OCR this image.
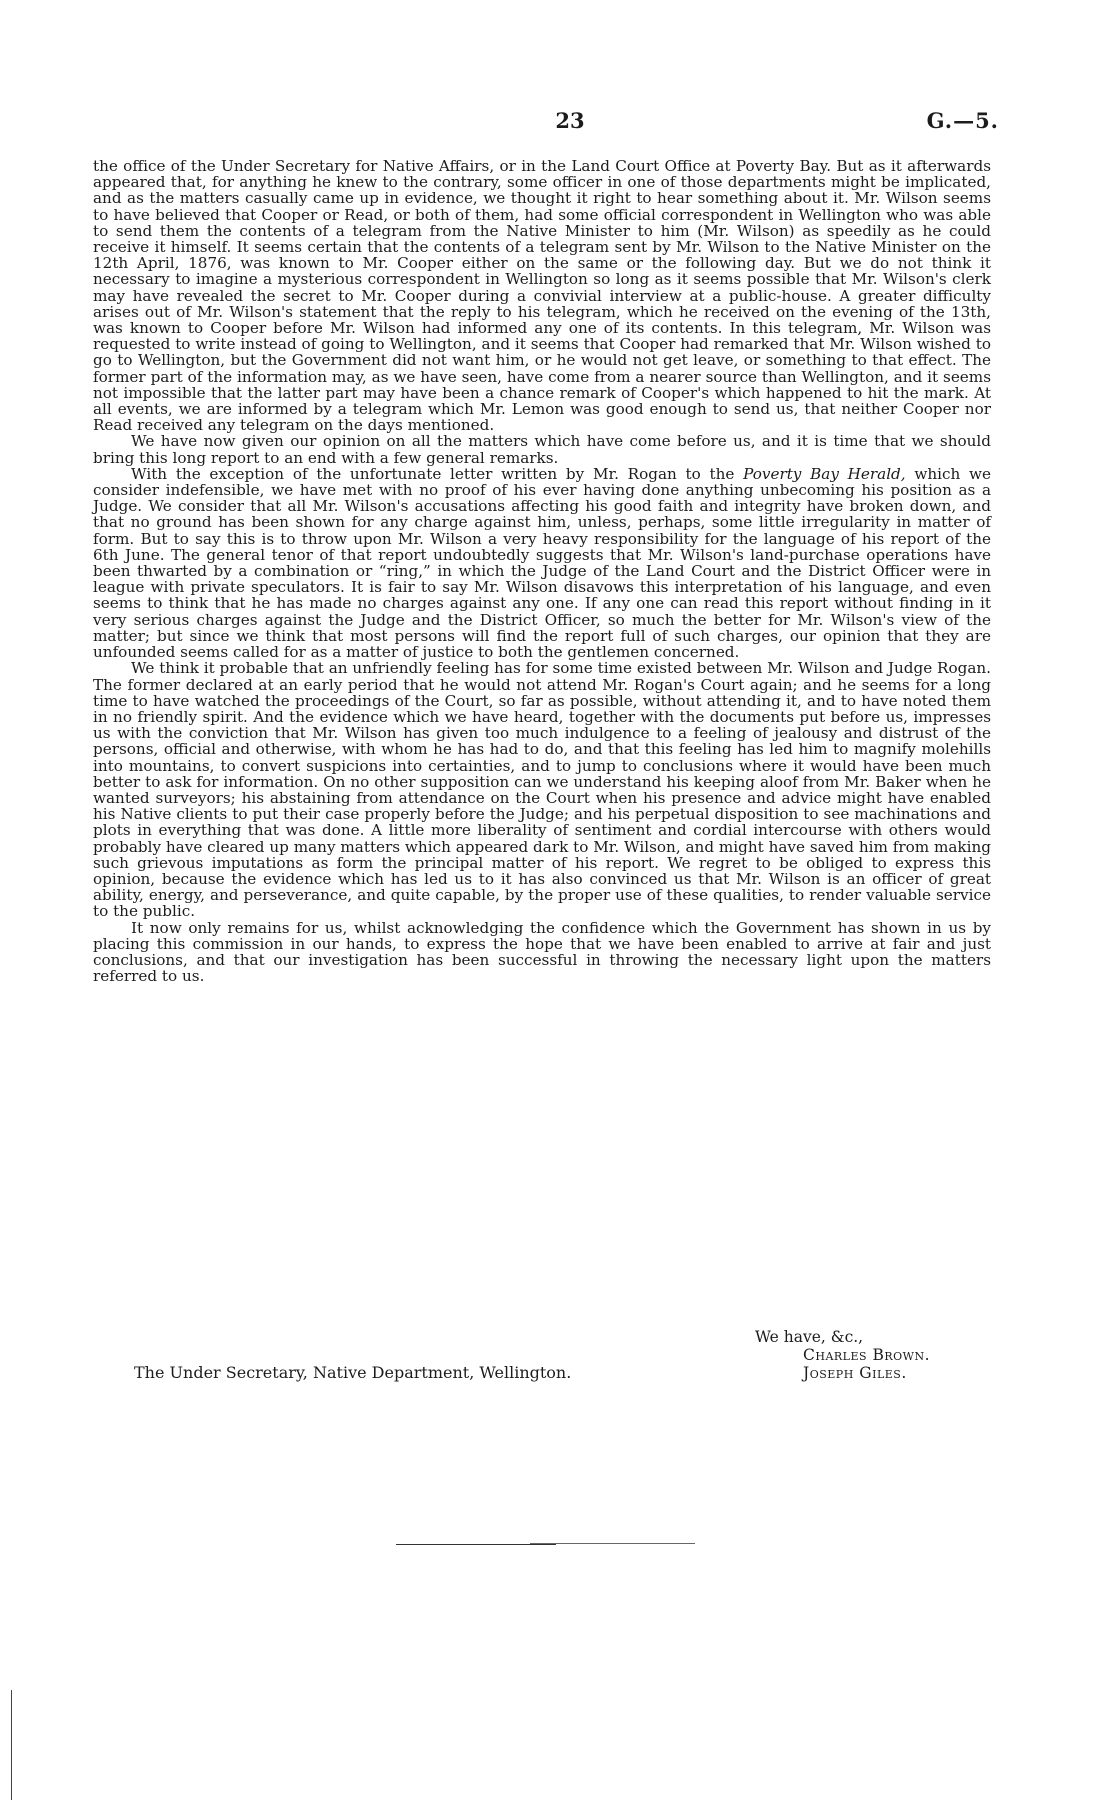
23	G.—5.

the office of the Under Secretary for Native Affairs, or in the Land Court Office at Poverty Bay. But as it afterwards appeared that, for anything he knew to the contrary, some officer in one of those departments might be implicated, and as the matters casually came up in evidence, we thought it right to hear something about it. Mr. Wilson seems to have believed that Cooper or Read, or both of them, had some official correspondent in Wellington who was able to send them the contents of a telegram from the Native Minister to him (Mr. Wilson) as speedily as he could receive it himself. It seems certain that the contents of a telegram sent by Mr. Wilson to the Native Minister on the 12th April, 1876, was known to Mr. Cooper either on the same or the following day. But we do not think it necessary to imagine a mysterious correspondent in Wellington so long as it seems possible that Mr. Wilson's clerk may have revealed the secret to Mr. Cooper during a convivial interview at a public-house. A greater difficulty arises out of Mr. Wilson's statement that the reply to his telegram, which he received on the evening of the 13th, was known to Cooper before Mr. Wilson had informed any one of its contents. In this telegram, Mr. Wilson was requested to write instead of going to Wellington, and it seems that Cooper had remarked that Mr. Wilson wished to go to Wellington, but the Government did not want him, or he would not get leave, or something to that effect. The former part of the information may, as we have seen, have come from a nearer source than Wellington, and it seems not impossible that the latter part may have been a chance remark of Cooper's which happened to hit the mark. At all events, we are informed by a telegram which Mr. Lemon was good enough to send us, that neither Cooper nor Read received any telegram on the days mentioned.

We have now given our opinion on all the matters which have come before us, and it is time that we should bring this long report to an end with a few general remarks.

With the exception of the unfortunate letter written by Mr. Rogan to the Poverty Bay Herald, which we consider indefensible, we have met with no proof of his ever having done anything unbecoming his position as a Judge. We consider that all Mr. Wilson's accusations affecting his good faith and integrity have broken down, and that no ground has been shown for any charge against him, unless, perhaps, some little irregularity in matter of form. But to say this is to throw upon Mr. Wilson a very heavy responsibility for the language of his report of the 6th June. The general tenor of that report undoubtedly suggests that Mr. Wilson's land-purchase operations have been thwarted by a combination or “ring,” in which the Judge of the Land Court and the District Officer were in league with private speculators. It is fair to say Mr. Wilson disavows this interpretation of his language, and even seems to think that he has made no charges against any one. If any one can read this report without finding in it very serious charges against the Judge and the District Officer, so much the better for Mr. Wilson's view of the matter; but since we think that most persons will find the report full of such charges, our opinion that they are unfounded seems called for as a matter of justice to both the gentlemen concerned.

We think it probable that an unfriendly feeling has for some time existed between Mr. Wilson and Judge Rogan. The former declared at an early period that he would not attend Mr. Rogan's Court again; and he seems for a long time to have watched the proceedings of the Court, so far as possible, without attending it, and to have noted them in no friendly spirit. And the evidence which we have heard, together with the documents put before us, impresses us with the conviction that Mr. Wilson has given too much indulgence to a feeling of jealousy and distrust of the persons, official and otherwise, with whom he has had to do, and that this feeling has led him to magnify molehills into mountains, to convert suspicions into certainties, and to jump to conclusions where it would have been much better to ask for information. On no other supposition can we understand his keeping aloof from Mr. Baker when he wanted surveyors; his abstaining from attendance on the Court when his presence and advice might have enabled his Native clients to put their case properly before the Judge; and his perpetual disposition to see machinations and plots in everything that was done. A little more liberality of sentiment and cordial intercourse with others would probably have cleared up many matters which appeared dark to Mr. Wilson, and might have saved him from making such grievous imputations as form the principal matter of his report. We regret to be obliged to express this opinion, because the evidence which has led us to it has also convinced us that Mr. Wilson is an officer of great ability, energy, and perseverance, and quite capable, by the proper use of these qualities, to render valuable service to the public.

It now only remains for us, whilst acknowledging the confidence which the Government has shown in us by placing this commission in our hands, to express the hope that we have been enabled to arrive at fair and just conclusions, and that our investigation has been successful in throwing the necessary light upon the matters referred to us.

We have, &c.,
Charles Brown.
Joseph Giles.
The Under Secretary, Native Department, Wellington.
